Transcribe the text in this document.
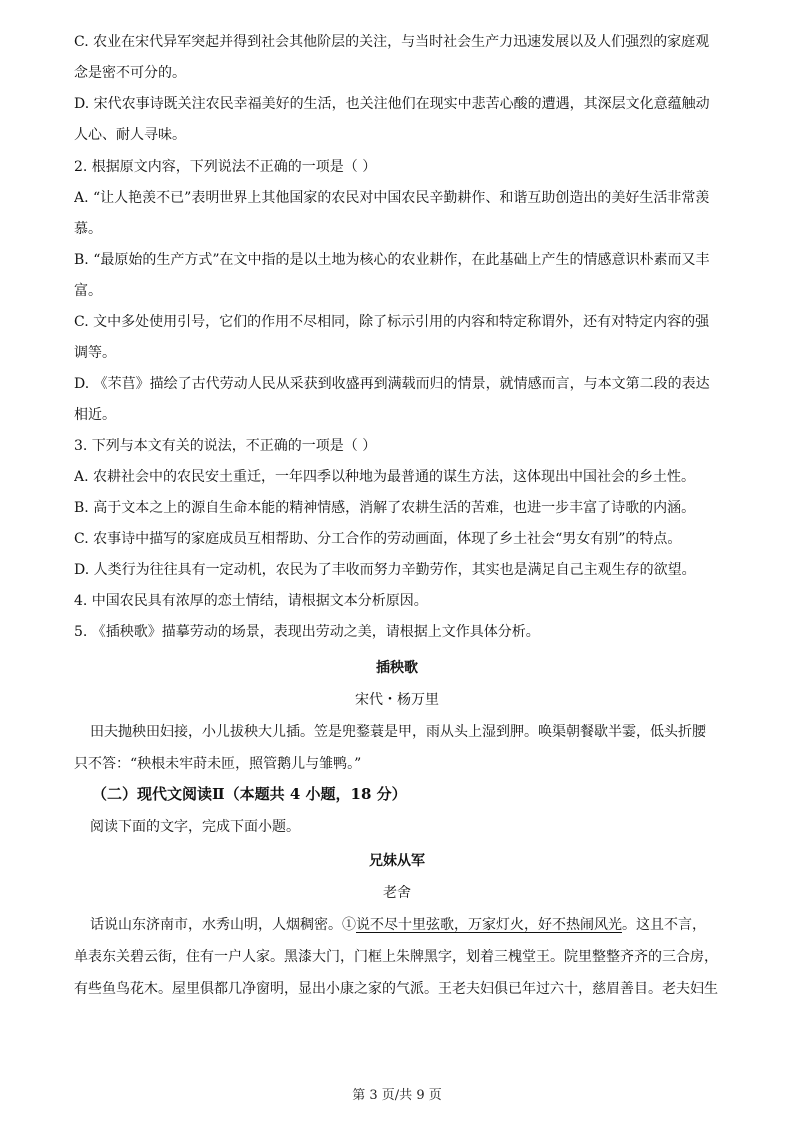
C. 农业在宋代异军突起并得到社会其他阶层的关注，与当时社会生产力迅速发展以及人们强烈的家庭观
念是密不可分的。
D. 宋代农事诗既关注农民幸福美好的生活，也关注他们在现实中悲苦心酸的遭遇，其深层文化意蕴触动
人心、耐人寻味。
2. 根据原文内容，下列说法不正确的一项是（ ）
A. “让人艳羡不已”表明世界上其他国家的农民对中国农民辛勤耕作、和谐互助创造出的美好生活非常羡
慕。
B. “最原始的生产方式”在文中指的是以土地为核心的农业耕作，在此基础上产生的情感意识朴素而又丰
富。
C. 文中多处使用引号，它们的作用不尽相同，除了标示引用的内容和特定称谓外，还有对特定内容的强
调等。
D. 《芣苢》描绘了古代劳动人民从采获到收盛再到满载而归的情景，就情感而言，与本文第二段的表达
相近。
3. 下列与本文有关的说法，不正确的一项是（ ）
A. 农耕社会中的农民安土重迁，一年四季以种地为最普通的谋生方法，这体现出中国社会的乡土性。
B. 高于文本之上的源自生命本能的精神情感，消解了农耕生活的苦难，也进一步丰富了诗歌的内涵。
C. 农事诗中描写的家庭成员互相帮助、分工合作的劳动画面，体现了乡土社会“男女有别”的特点。
D. 人类行为往往具有一定动机，农民为了丰收而努力辛勤劳作，其实也是满足自己主观生存的欲望。
4. 中国农民具有浓厚的恋土情结，请根据文本分析原因。
5. 《插秧歌》描摹劳动的场景，表现出劳动之美，请根据上文作具体分析。
插秧歌
宋代・杨万里
田夫抛秧田妇接，小儿拔秧大儿插。笠是兜鍪蓑是甲，雨从头上湿到胛。唤渠朝餐歇半霎，低头折腰
只不答：“秧根未牢莳未匝，照管鹅儿与雏鸭。”
（二）现代文阅读Ⅱ（本题共 4 小题，18 分）
阅读下面的文字，完成下面小题。
兄妹从军
老舍
话说山东济南市，水秀山明，人烟稠密。①说不尽十里弦歌，万家灯火，好不热闹风光。这且不言，
单表东关碧云街，住有一户人家。黑漆大门，门框上朱牌黑字，划着三槐堂王。院里整整齐齐的三合房，
有些鱼鸟花木。屋里俱都几净窗明，显出小康之家的气派。王老夫妇俱已年过六十，慈眉善目。老夫妇生
第 3 页/共 9 页
